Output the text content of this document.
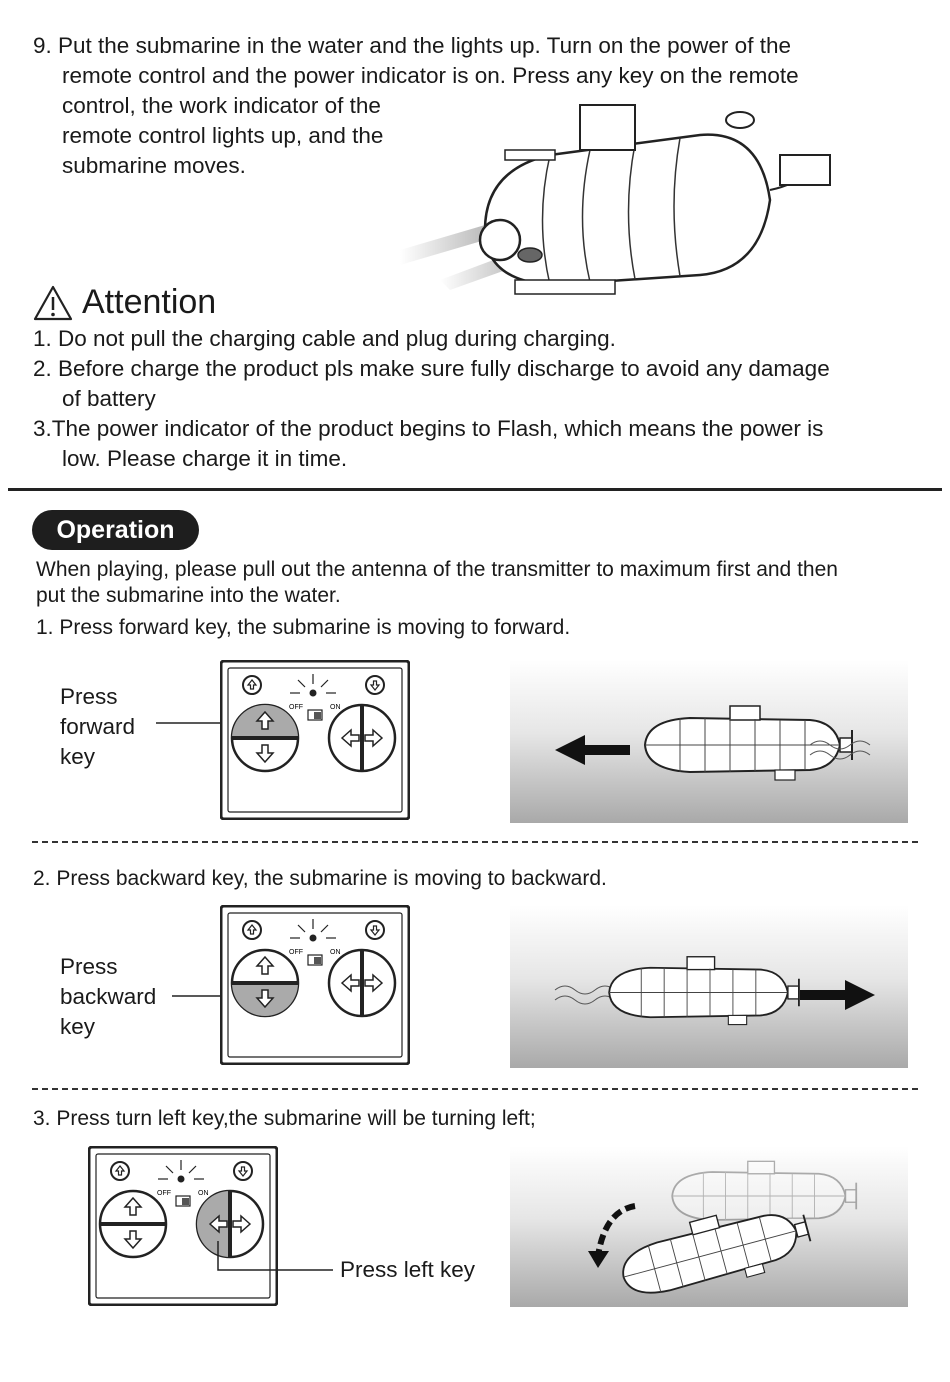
9. Put the submarine in the water and the lights up. Turn on the power of the
remote control and the power indicator is on. Press any key on the remote
control, the work indicator of the
remote control lights up, and the
submarine moves.
Attention
1. Do not pull the charging cable and plug during charging.
2. Before charge the product pls make sure fully discharge to avoid any damage
of battery
3.The power indicator of the product begins to Flash, which means the power is
low. Please charge it in time.
Operation
When playing, please pull out the antenna of the transmitter to maximum first and then
put the submarine into the water.
1. Press forward key, the submarine is moving to forward.
Press
forward
key
OFF	ON
2. Press backward key, the submarine is moving to backward.
Press
backward
key
OFF	ON
3. Press turn left key,the submarine will be turning left;
OFF	ON
Press left key
